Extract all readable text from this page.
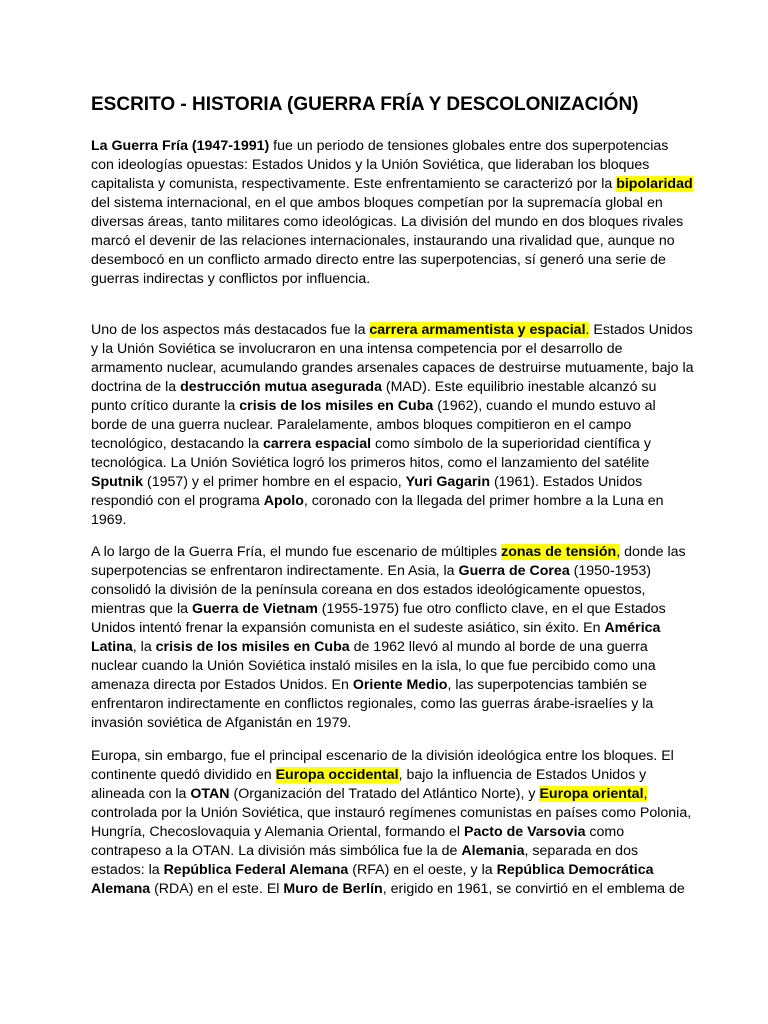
ESCRITO - HISTORIA (GUERRA FRÍA Y DESCOLONIZACIÓN)

La Guerra Fría (1947-1991) fue un periodo de tensiones globales entre dos superpotencias
con ideologías opuestas: Estados Unidos y la Unión Soviética, que lideraban los bloques
capitalista y comunista, respectivamente. Este enfrentamiento se caracterizó por la bipolaridad
del sistema internacional, en el que ambos bloques competían por la supremacía global en
diversas áreas, tanto militares como ideológicas. La división del mundo en dos bloques rivales
marcó el devenir de las relaciones internacionales, instaurando una rivalidad que, aunque no
desembocó en un conflicto armado directo entre las superpotencias, sí generó una serie de
guerras indirectas y conflictos por influencia.

Uno de los aspectos más destacados fue la carrera armamentista y espacial. Estados Unidos
y la Unión Soviética se involucraron en una intensa competencia por el desarrollo de
armamento nuclear, acumulando grandes arsenales capaces de destruirse mutuamente, bajo la
doctrina de la destrucción mutua asegurada (MAD). Este equilibrio inestable alcanzó su
punto crítico durante la crisis de los misiles en Cuba (1962), cuando el mundo estuvo al
borde de una guerra nuclear. Paralelamente, ambos bloques compitieron en el campo
tecnológico, destacando la carrera espacial como símbolo de la superioridad científica y
tecnológica. La Unión Soviética logró los primeros hitos, como el lanzamiento del satélite
Sputnik (1957) y el primer hombre en el espacio, Yuri Gagarin (1961). Estados Unidos
respondió con el programa Apolo, coronado con la llegada del primer hombre a la Luna en
1969.

A lo largo de la Guerra Fría, el mundo fue escenario de múltiples zonas de tensión, donde las
superpotencias se enfrentaron indirectamente. En Asia, la Guerra de Corea (1950-1953)
consolidó la división de la península coreana en dos estados ideológicamente opuestos,
mientras que la Guerra de Vietnam (1955-1975) fue otro conflicto clave, en el que Estados
Unidos intentó frenar la expansión comunista en el sudeste asiático, sin éxito. En América
Latina, la crisis de los misiles en Cuba de 1962 llevó al mundo al borde de una guerra
nuclear cuando la Unión Soviética instaló misiles en la isla, lo que fue percibido como una
amenaza directa por Estados Unidos. En Oriente Medio, las superpotencias también se
enfrentaron indirectamente en conflictos regionales, como las guerras árabe-israelíes y la
invasión soviética de Afganistán en 1979.

Europa, sin embargo, fue el principal escenario de la división ideológica entre los bloques. El
continente quedó dividido en Europa occidental, bajo la influencia de Estados Unidos y
alineada con la OTAN (Organización del Tratado del Atlántico Norte), y Europa oriental,
controlada por la Unión Soviética, que instauró regímenes comunistas en países como Polonia,
Hungría, Checoslovaquia y Alemania Oriental, formando el Pacto de Varsovia como
contrapeso a la OTAN. La división más simbólica fue la de Alemania, separada en dos
estados: la República Federal Alemana (RFA) en el oeste, y la República Democrática
Alemana (RDA) en el este. El Muro de Berlín, erigido en 1961, se convirtió en el emblema de
